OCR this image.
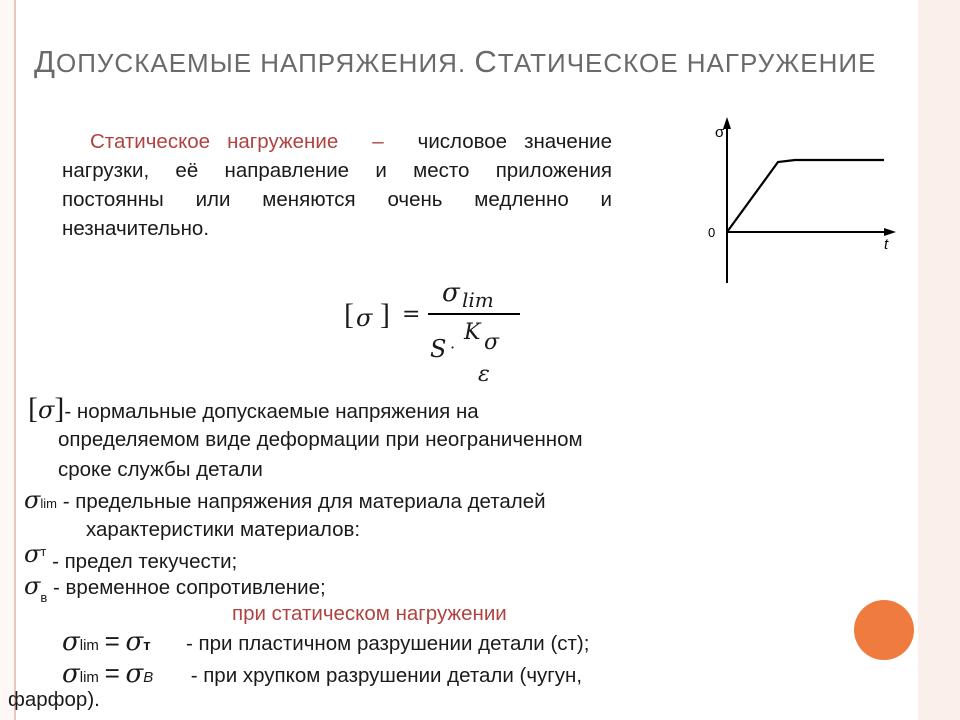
ДОПУСКАЕМЫЕ НАПРЯЖЕНИЯ. СТАТИЧЕСКОЕ НАГРУЖЕНИЕ
Статическое нагружение – числовое значение нагрузки, её направление и место приложения постоянны или меняются очень медленно и незначительно.
σ
t
0
[ σ ] =
σ lim
S ·
K σ
ε
[σ]- нормальные допускаемые напряжения на
определяемом виде деформации при неограниченном
сроке службы детали
σlim - предельные напряжения для материала деталей
характеристики материалов:
$\sigma^т$ - предел текучести;
$\sigma_в$ - временное сопротивление;
при статическом нагружении
σlim = σт - при пластичном разрушении детали (ст);
σlim = σB - при хрупком разрушении детали (чугун,
фарфор).
